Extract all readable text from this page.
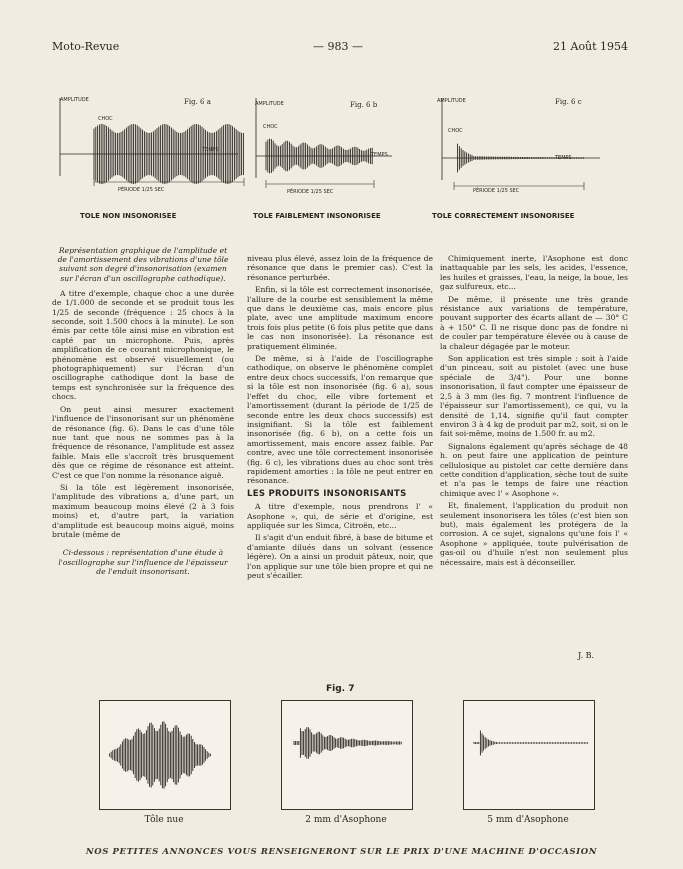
Moto-Revue	— 983 —	21 Août 1954
AMPLITUDE
AMPLITUDE	AMPLITUDE
Fig. 6 a	Fig. 6 b	Fig. 6 c
CHOC
CHOC
CHOC
TEMPS
TEMPS	TEMPS
PÉRIODE 1/25 SEC	PÉRIODE 1/25 SEC	PÉRIODE 1/25 SEC
TOLE NON INSONORISEE	TOLE FAIBLEMENT INSONORISEE	TOLE CORRECTEMENT INSONORISEE
Représentation graphique de l'amplitude et de l'amortissement des vibrations d'une tôle suivant son degré d'insonorisation (examen sur l'écran d'un oscillographe cathodique).

A titre d'exemple, chaque choc a une durée de 1/1.000 de seconde et se produit tous les 1/25 de seconde (fréquence : 25 chocs à la seconde, soit 1.500 chocs à la minute). Le son émis par cette tôle ainsi mise en vibration est capté par un microphone. Puis, après amplification de ce courant microphonique, le phénomène est observé visuellement (ou photographiquement) sur l'écran d'un oscillographe cathodique dont la base de temps est synchronisée sur la fréquence des chocs.

On peut ainsi mesurer exactement l'influence de l'insonorisant sur un phénomène de résonance (fig. 6). Dans le cas d'une tôle nue tant que nous ne sommes pas à la fréquence de résonance, l'amplitude est assez faible. Mais elle s'accroît très brusquement dès que ce régime de résonance est atteint. C'est ce que l'on nomme la résonance aiguë.

Si la tôle est légèrement insonorisée, l'amplitude des vibrations a, d'une part, un maximum beaucoup moins élevé (2 à 3 fois moins) et, d'autre part, la variation d'amplitude est beaucoup moins aiguë, moins brutale (même de

Ci-dessous : représentation d'une étude à l'oscillographe sur l'influence de l'épaisseur de l'enduit insonorisant.

niveau plus élevé, assez loin de la fréquence de résonance que dans le premier cas). C'est la résonance perturbée.

Enfin, si la tôle est correctement insonorisée, l'allure de la courbe est sensiblement la même que dans le deuxième cas, mais encore plus plate, avec une amplitude maximum encore trois fois plus petite (6 fois plus petite que dans le cas non insonorisée). La résonance est pratiquement éliminée.

De même, si à l'aide de l'oscillographe cathodique, on observe le phénomène complet entre deux chocs successifs, l'on remarque que si la tôle est non insonorisée (fig. 6 a), sous l'effet du choc, elle vibre fortement et l'amortissement (durant la période de 1/25 de seconde entre les deux chocs successifs) est insignifiant. Si la tôle est faiblement insonorisée (fig. 6 b), on a cette fois un amortissement, mais encore assez faible. Par contre, avec une tôle correctement insonorisée (fig. 6 c), les vibrations dues au choc sont très rapidement amorties : la tôle ne peut entrer en résonance.

LES PRODUITS INSONORISANTS

A titre d'exemple, nous prendrons l' « Asophone », qui, de série et d'origine, est appliquée sur les Simca, Citroën, etc...

Il s'agit d'un enduit fibré, à base de bitume et d'amiante dilués dans un solvant (essence légère). On a ainsi un produit pâteux, noir, que l'on applique sur une tôle bien propre et qui ne peut s'écailler.

Chimiquement inerte, l'Asophone est donc inattaquable par les sels, les acides, l'essence, les huiles et graisses, l'eau, la neige, la boue, les gaz sulfureux, etc...

De même, il présente une très grande résistance aux variations de température, pouvant supporter des écarts allant de — 30° C à + 150° C. Il ne risque donc pas de fondre ni de couler par température élevée ou à cause de la chaleur dégagée par le moteur.

Son application est très simple : soit à l'aide d'un pinceau, soit au pistolet (avec une buse spéciale de 3/4"). Pour une bonne insonorisation, il faut compter une épaisseur de 2,5 à 3 mm (les fig. 7 montrent l'influence de l'épaisseur sur l'amortissement), ce qui, vu la densité de 1,14, signifie qu'il faut compter environ 3 à 4 kg de produit par m2, soit, si on le fait soi-même, moins de 1.500 fr. au m2.

Signalons également qu'après séchage de 48 h. on peut faire une application de peinture cellulosique au pistolet car cette dernière dans cette condition d'application, sèche tout de suite et n'a pas le temps de faire une réaction chimique avec l' « Asophone ».

Et, finalement, l'application du produit non seulement insonorisera les tôles (c'est bien son but), mais également les protégera de la corrosion. A ce sujet, signalons qu'une fois l' « Asophone » appliquée, toute pulvérisation de gas-oil ou d'huile n'est non seulement plus nécessaire, mais est à déconseiller.

J. B.
Fig. 7
Tôle nue	2 mm d'Asophone	5 mm d'Asophone
NOS PETITES ANNONCES VOUS RENSEIGNERONT SUR LE PRIX D'UNE MACHINE D'OCCASION
